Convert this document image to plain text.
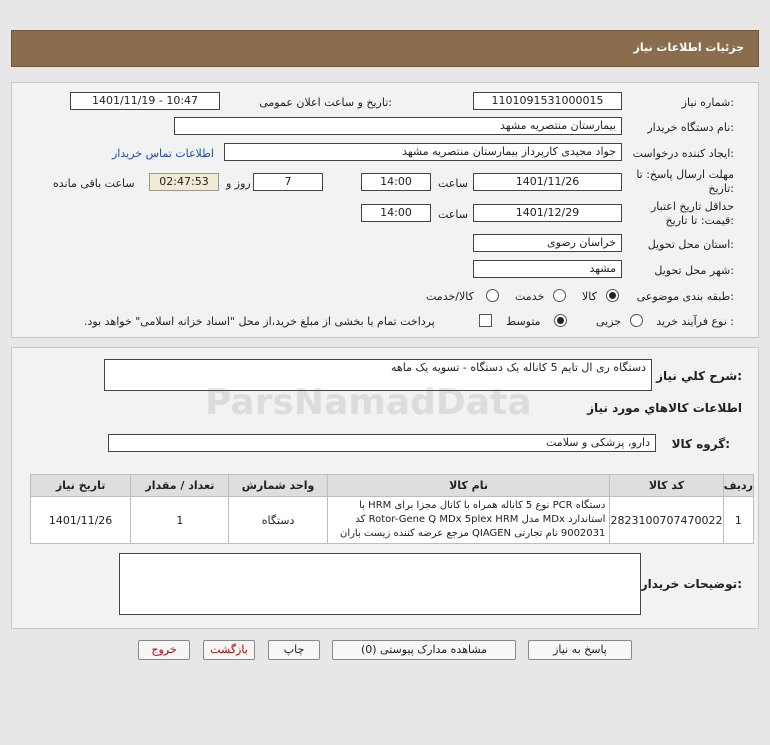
جزئیات اطلاعات نیاز
شماره نیاز:
1101091531000015
تاریخ و ساعت اعلان عمومی:
1401/11/19 - 10:47
نام دستگاه خریدار:
بیمارستان منتصریه مشهد
ایجاد کننده درخواست:
جواد مجیدی کارپرداز بیمارستان منتصریه مشهد
اطلاعات تماس خریدار
مهلت ارسال پاسخ: تا
تاریخ:
1401/11/26
ساعت
14:00
7
روز و
02:47:53
ساعت باقی مانده
حداقل تاریخ اعتبار
قیمت: تا تاریخ:
1401/12/29
ساعت
14:00
استان محل تحویل:
خراسان رضوی
شهر محل تحویل:
مشهد
طبقه بندی موضوعی:
کالا
خدمت
کالا/خدمت
نوع فرآیند خرید :
جزیی
متوسط
پرداخت تمام یا بخشی از مبلغ خرید،از محل "اسناد خزانه اسلامی" خواهد بود.
شرح کلي نياز:
دستگاه ری ال تایم 5 کاناله یک دستگاه - تسویه یک ماهه
اطلاعات کالاهاي مورد نياز
گروه کالا:
دارو، پزشکی و سلامت
تاریخ نیاز	تعداد / مقدار	واحد شمارش	نام کالا	کد کالا	ردیف
1401/11/26	1	دستگاه	دستگاه PCR نوع 5 کاناله همراه با کانال مجزا برای HRM با
استاندارد MDx مدل Rotor-Gene Q MDx 5plex HRM کد
9002031 نام تجارتی QIAGEN مرجع عرضه کننده زیست باران	2823100707470022	1
توضیحات خریدار:
پاسخ به نیاز
مشاهده مدارک پیوستی (0)
چاپ
بازگشت
خروج
